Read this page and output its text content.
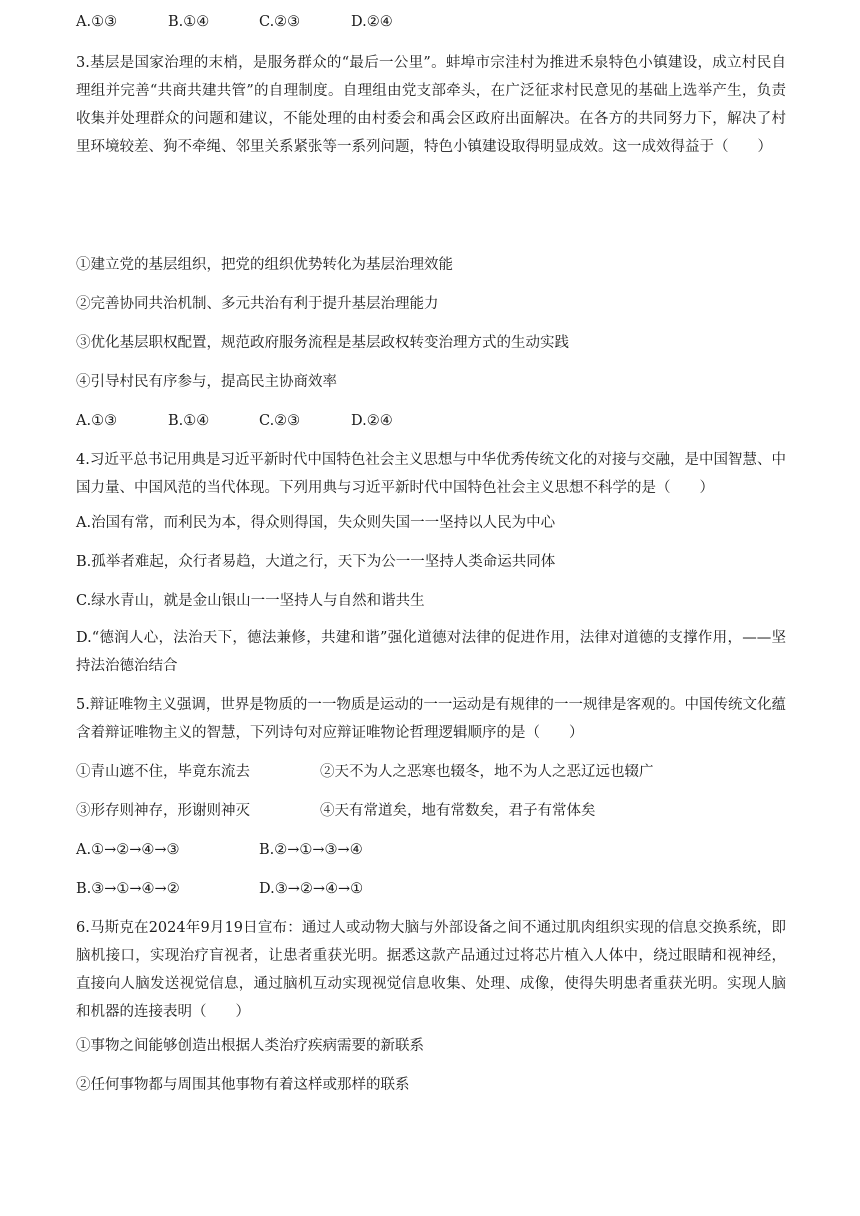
A.①③	B.①④	C.②③	D.②④
3.基层是国家治理的末梢，是服务群众的“最后一公里”。蚌埠市宗洼村为推进禾泉特色小镇建设，成立村民自理组并完善“共商共建共管”的自理制度。自理组由党支部牵头，在广泛征求村民意见的基础上选举产生，负责收集并处理群众的问题和建议，不能处理的由村委会和禹会区政府出面解决。在各方的共同努力下，解决了村里环境较差、狗不牵绳、邻里关系紧张等一系列问题，特色小镇建设取得明显成效。这一成效得益于（　　）
①建立党的基层组织，把党的组织优势转化为基层治理效能
②完善协同共治机制、多元共治有利于提升基层治理能力
③优化基层职权配置，规范政府服务流程是基层政权转变治理方式的生动实践
④引导村民有序参与，提高民主协商效率
A.①③	B.①④	C.②③	D.②④
4.习近平总书记用典是习近平新时代中国特色社会主义思想与中华优秀传统文化的对接与交融，是中国智慧、中国力量、中国风范的当代体现。下列用典与习近平新时代中国特色社会主义思想不科学的是（　　）
A.治国有常，而利民为本，得众则得国，失众则失国一一坚持以人民为中心
B.孤举者难起，众行者易趋，大道之行，天下为公一一坚持人类命运共同体
C.绿水青山，就是金山银山一一坚持人与自然和谐共生
D.“德润人心，法治天下，德法兼修，共建和谐”强化道德对法律的促进作用，法律对道德的支撑作用，——坚持法治德治结合
5.辩证唯物主义强调，世界是物质的一一物质是运动的一一运动是有规律的一一规律是客观的。中国传统文化蕴含着辩证唯物主义的智慧，下列诗句对应辩证唯物论哲理逻辑顺序的是（　　）
①青山遮不住，毕竟东流去	②天不为人之恶寒也辍冬，地不为人之恶辽远也辍广
③形存则神存，形谢则神灭	④天有常道矣，地有常数矣，君子有常体矣
A.①→②→④→③	B.②→①→③→④
B.③→①→④→②	D.③→②→④→①
6.马斯克在2024年9月19日宣布：通过人或动物大脑与外部设备之间不通过肌肉组织实现的信息交换系统，即脑机接口，实现治疗盲视者，让患者重获光明。据悉这款产品通过过将芯片植入人体中，绕过眼睛和视神经，直接向人脑发送视觉信息，通过脑机互动实现视觉信息收集、处理、成像，使得失明患者重获光明。实现人脑和机器的连接表明（　　）
①事物之间能够创造出根据人类治疗疾病需要的新联系
②任何事物都与周围其他事物有着这样或那样的联系
